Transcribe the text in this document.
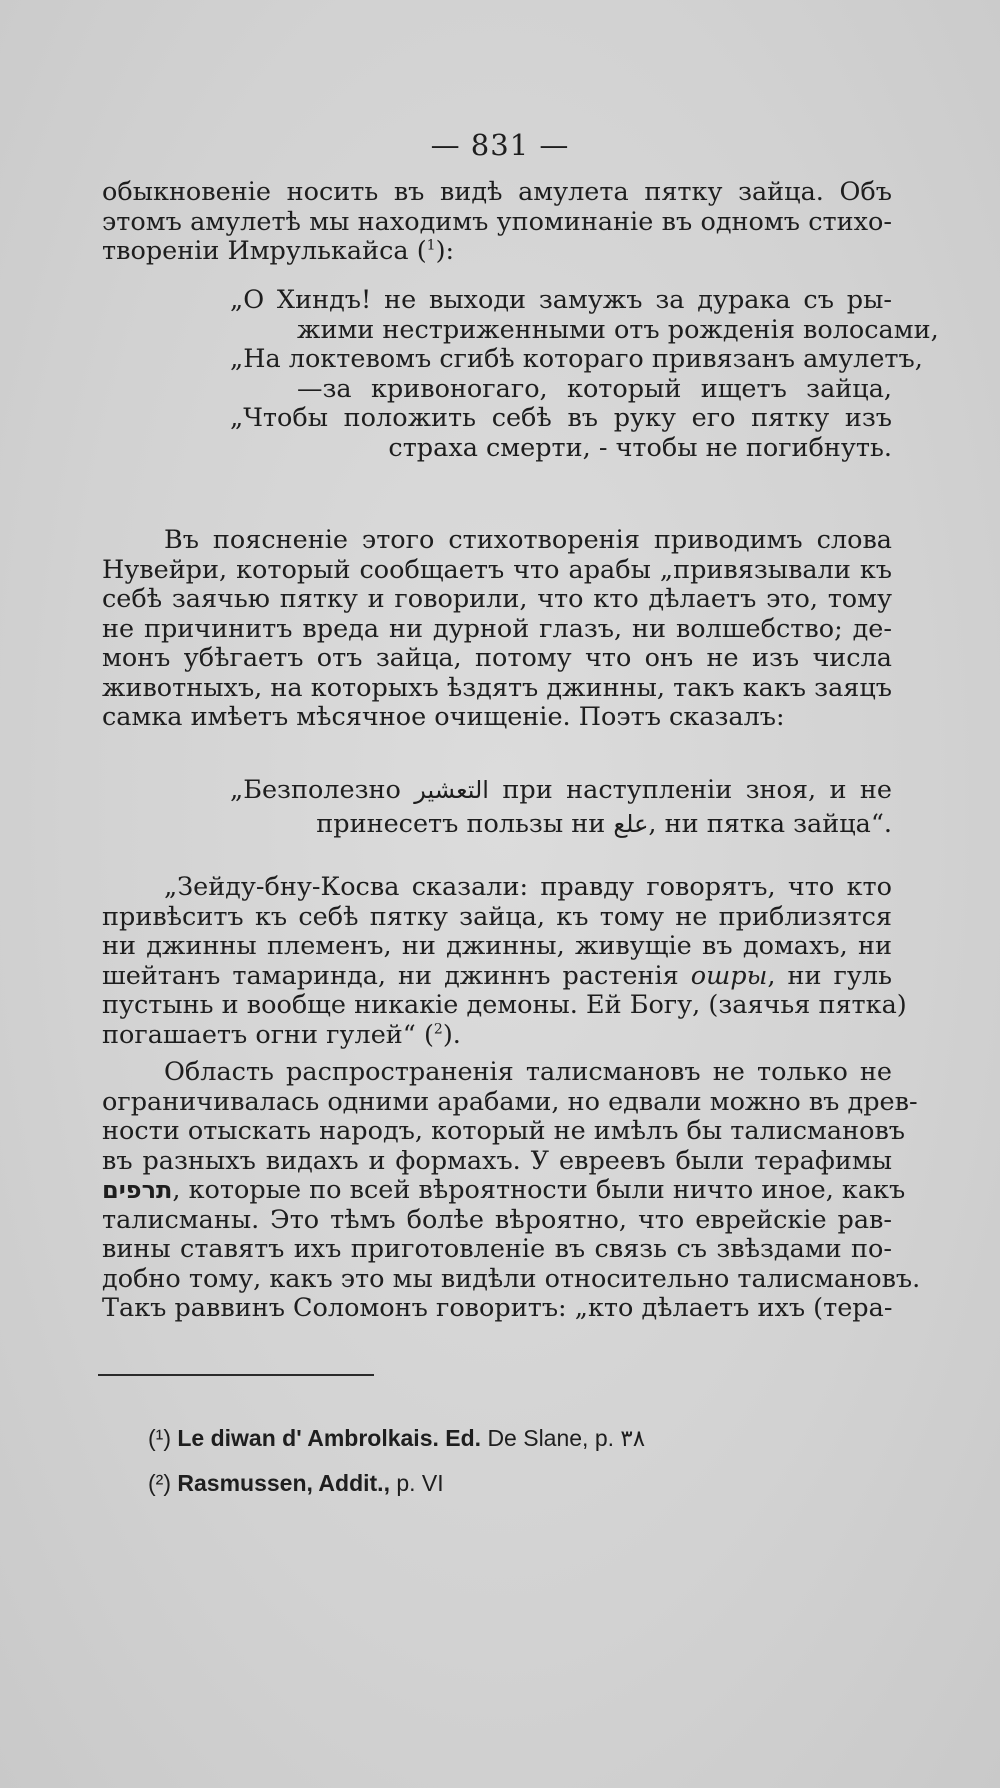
— 831 —
обыкновенiе носить въ видѣ амулета пятку зайца. Объ
этомъ амулетѣ мы находимъ упоминанiе въ одномъ стихо-
творенiи Имрулькайса ($^1$):
„О Хиндъ! не выходи замужъ за дурака съ ры-
жими нестриженными отъ рожденiя волосами,
„На локтевомъ сгибѣ котораго привязанъ амулетъ,
—за кривоногаго, который ищетъ зайца,
„Чтобы положить себѣ въ руку его пятку изъ
страха смерти, - чтобы не погибнуть.
Въ поясненiе этого стихотворенiя приводимъ слова
Нувейри, который сообщаетъ что арабы „привязывали къ
себѣ заячью пятку и говорили, что кто дѣлаетъ это, тому
не причинитъ вреда ни дурной глазъ, ни волшебство; де-
монъ убѣгаетъ отъ зайца, потому что онъ не изъ числа
животныхъ, на которыхъ ѣздятъ джинны, такъ какъ заяцъ
самка имѣетъ мѣсячное очищенiе. Поэтъ сказалъ:
„Безполезно التعشير при наступленiи зноя, и не
принесетъ пользы ни علع, ни пятка зайца“.
„Зейду-бну-Косва сказали: правду говорятъ, что кто
привѣситъ къ себѣ пятку зайца, къ тому не приблизятся
ни джинны племенъ, ни джинны, живущiе въ домахъ, ни
шейтанъ тамаринда, ни джиннъ растенiя ошры, ни гуль
пустынь и вообще никакiе демоны. Ей Богу, (заячья пятка)
погашаетъ огни гулей“ ($^2$).
Область распространенiя талисмановъ не только не
ограничивалась одними арабами, но едвали можно въ древ-
ности отыскать народъ, который не имѣлъ бы талисмановъ
въ разныхъ видахъ и формахъ. У евреевъ были терафимы
תרפים, которые по всей вѣроятности были ничто иное, какъ
талисманы. Это тѣмъ болѣе вѣроятно, что еврейскiе рав-
вины ставятъ ихъ приготовленiе въ связь съ звѣздами по-
добно тому, какъ это мы видѣли относительно талисмановъ.
Такъ раввинъ Соломонъ говоритъ: „кто дѣлаетъ ихъ (тера-
(¹) Le diwan d' Ambrolkais. Ed. De Slane, p. ٣٨
(²) Rasmussen, Addit., p. VI
